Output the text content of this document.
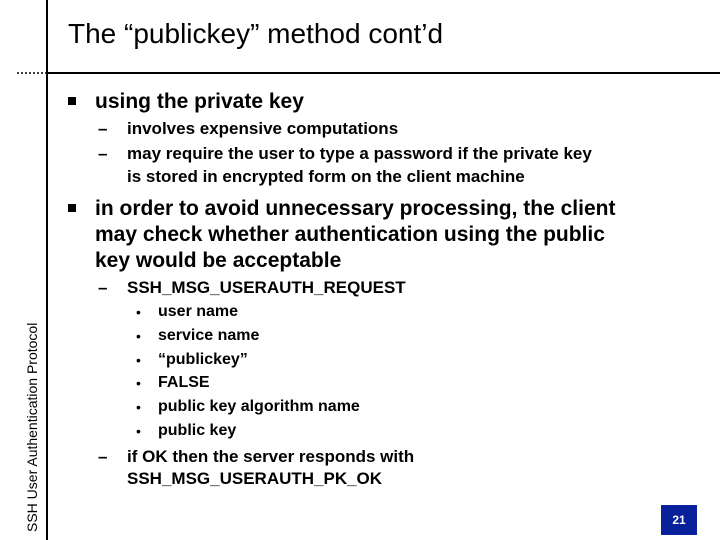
SSH User Authentication Protocol
The “publickey” method cont’d
using the private key
– involves expensive computations
– may require the user to type a password if the private key
is stored in encrypted form on the client machine
in order to avoid unnecessary processing, the client
may check whether authentication using the public
key would be acceptable
– SSH_MSG_USERAUTH_REQUEST
• user name
• service name
• “publickey”
• FALSE
• public key algorithm name
• public key
– if OK then the server responds with
SSH_MSG_USERAUTH_PK_OK
21
